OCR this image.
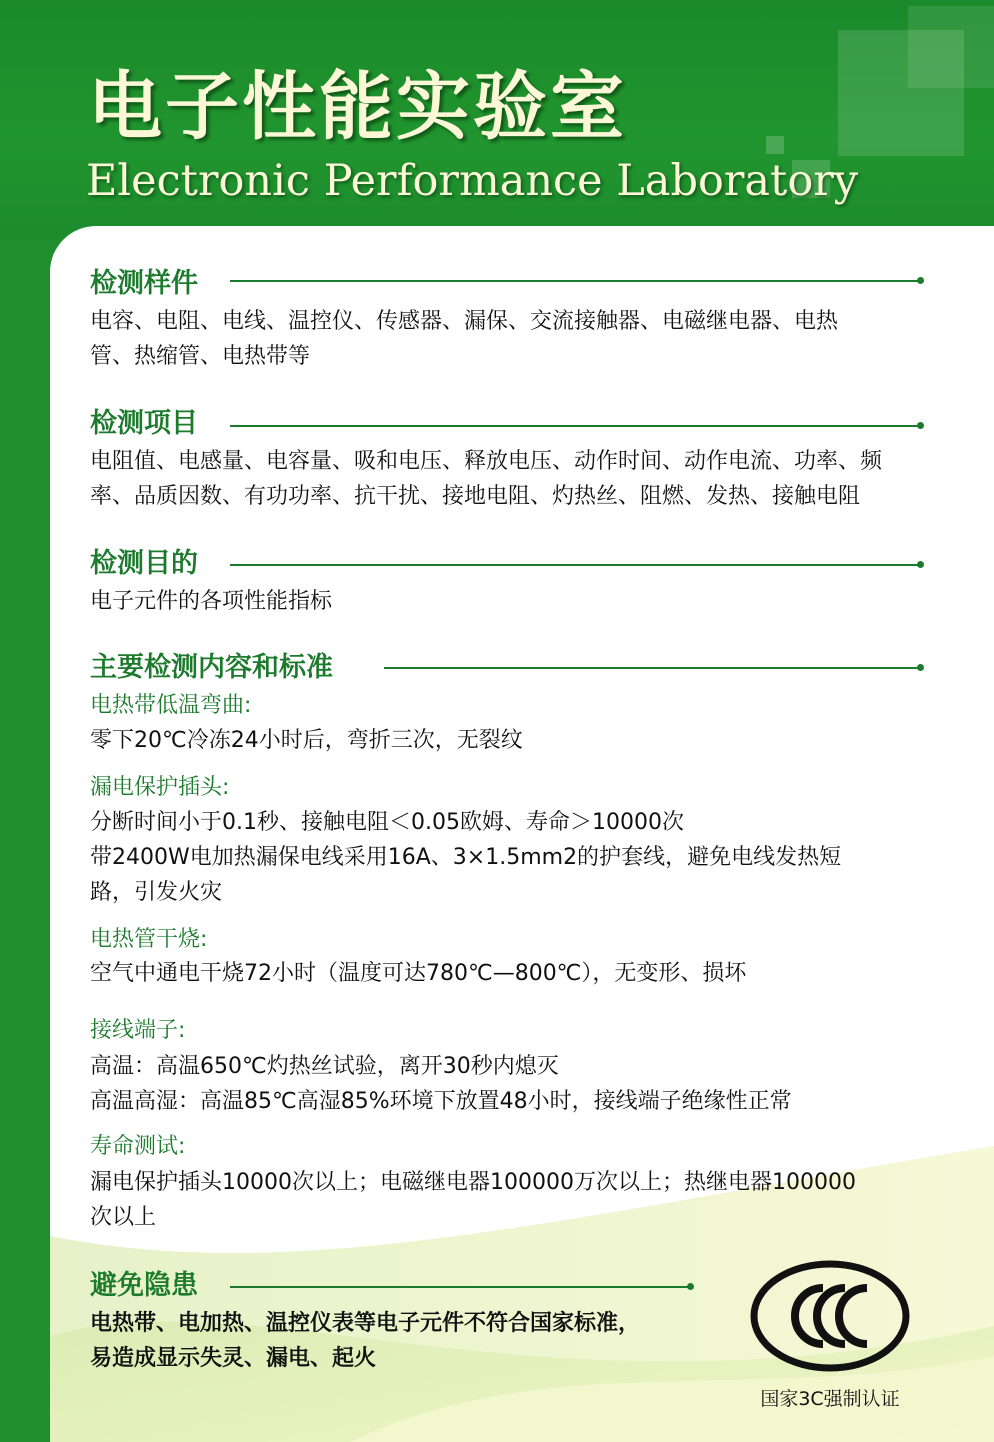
电子性能实验室
Electronic Performance Laboratory
检测样件
电容、电阻、电线、温控仪、传感器、漏保、交流接触器、电磁继电器、电热
管、热缩管、电热带等
检测项目
电阻值、电感量、电容量、吸和电压、释放电压、动作时间、动作电流、功率、频
率、品质因数、有功功率、抗干扰、接地电阻、灼热丝、阻燃、发热、接触电阻
检测目的
电子元件的各项性能指标
主要检测内容和标准
电热带低温弯曲:
零下20℃冷冻24小时后，弯折三次，无裂纹
漏电保护插头:
分断时间小于0.1秒、接触电阻＜0.05欧姆、寿命＞10000次
带2400W电加热漏保电线采用16A、3×1.5mm2的护套线，避免电线发热短
路，引发火灾
电热管干烧:
空气中通电干烧72小时（温度可达780℃—800℃），无变形、损坏
接线端子:
高温：高温650℃灼热丝试验，离开30秒内熄灭
高温高湿：高温85℃高湿85%环境下放置48小时，接线端子绝缘性正常
寿命测试:
漏电保护插头10000次以上；电磁继电器100000万次以上；热继电器100000
次以上
避免隐患
电热带、电加热、温控仪表等电子元件不符合国家标准，
易造成显示失灵、漏电、起火
国家3C强制认证
